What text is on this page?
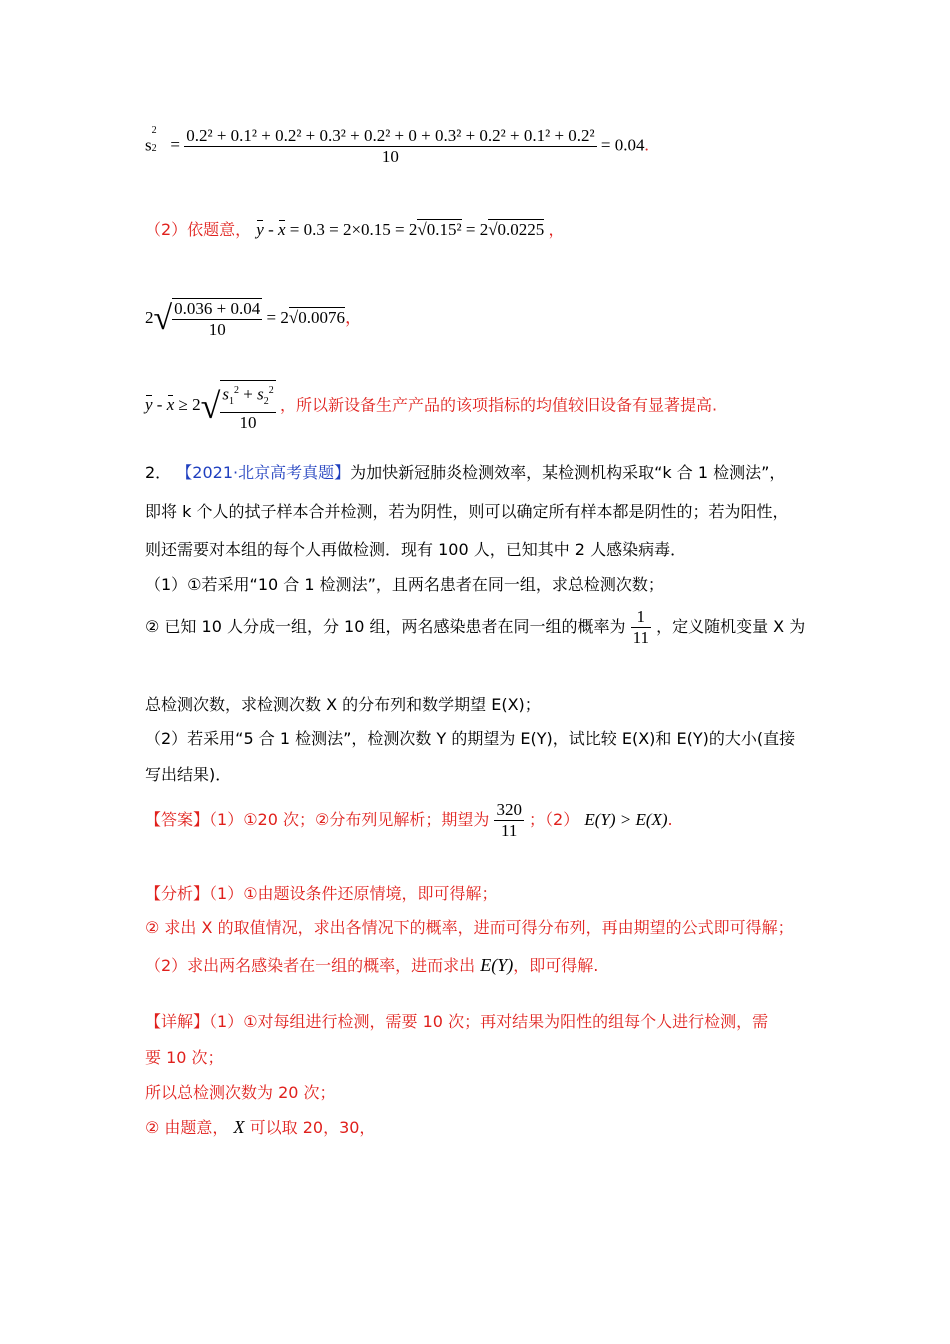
s 2
2
= 0.2² + 0.1² + 0.2² + 0.3² + 0.2² + 0 + 0.3² + 0.2² + 0.1² + 0.2²
10
= 0.04.
（2）依题意， y - x = 0.3 = 2×0.15 = 2√0.15² = 2√0.0225 ，
$2√ \frac{0.036 + 0.04}{10} = 2√0.0076$，
$y - x \ge 2√ \frac{s_1^2 + s_2^2}{10}$ ，所以新设备生产产品的该项指标的均值较旧设备有显著提高.
2． 【2021·北京高考真题】为加快新冠肺炎检测效率，某检测机构采取“k 合 1 检测法”，
即将 k 个人的拭子样本合并检测，若为阴性，则可以确定所有样本都是阴性的；若为阳性，
则还需要对本组的每个人再做检测．现有 100 人，已知其中 2 人感染病毒．
（1）①若采用“10 合 1 检测法”，且两名患者在同一组，求总检测次数；
② 已知 10 人分成一组，分 10 组，两名感染患者在同一组的概率为 $\frac{1}{11}$ ，定义随机变量 X 为
总检测次数，求检测次数 X 的分布列和数学期望 E(X)；
（2）若采用“5 合 1 检测法”，检测次数 Y 的期望为 E(Y)，试比较 E(X)和 E(Y)的大小(直接
写出结果)．
【答案】（1）①20 次；②分布列见解析；期望为 $\frac{320}{11}$ ；（2） E(Y) > E(X).
【分析】（1）①由题设条件还原情境，即可得解；
② 求出 X 的取值情况，求出各情况下的概率，进而可得分布列，再由期望的公式即可得解；
（2）求出两名感染者在一组的概率，进而求出 E(Y)，即可得解.
【详解】（1）①对每组进行检测，需要 10 次；再对结果为阳性的组每个人进行检测，需
要 10 次；
所以总检测次数为 20 次；
② 由题意， X 可以取 20，30，
